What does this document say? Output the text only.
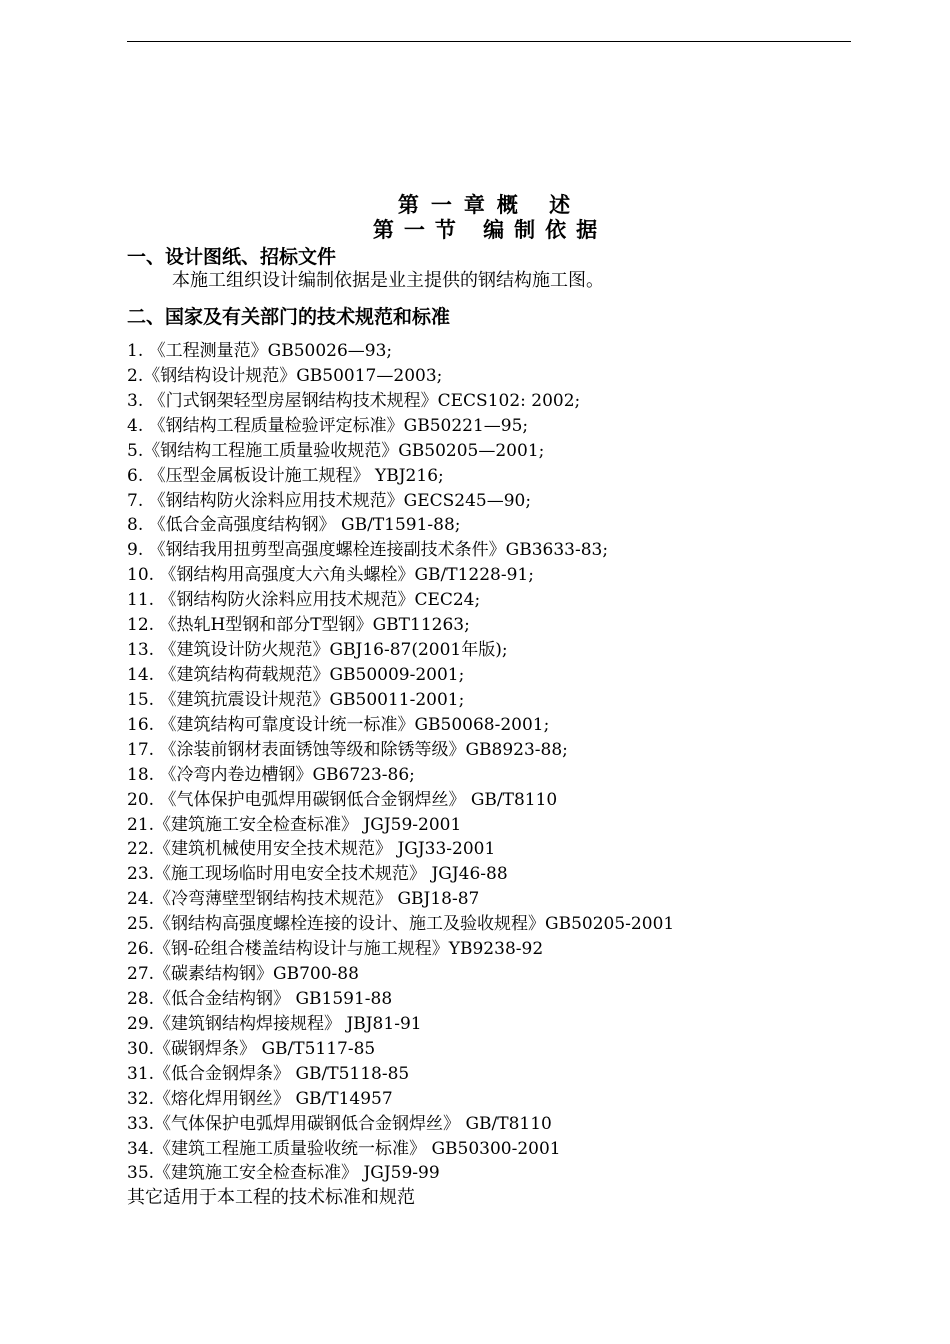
第一章概 述
第一节 编制依据
一、设计图纸、招标文件
本施工组织设计编制依据是业主提供的钢结构施工图。
二、国家及有关部门的技术规范和标准
1. 《工程测量范》GB50026—93;
2.《钢结构设计规范》GB50017—2003;
3. 《门式钢架轻型房屋钢结构技术规程》CECS102: 2002;
4. 《钢结构工程质量检验评定标准》GB50221—95;
5.《钢结构工程施工质量验收规范》GB50205—2001;
6. 《压型金属板设计施工规程》 YBJ216;
7. 《钢结构防火涂料应用技术规范》GECS245—90;
8. 《低合金高强度结构钢》 GB/T1591-88;
9. 《钢结我用扭剪型高强度螺栓连接副技术条件》GB3633-83;
10. 《钢结构用高强度大六角头螺栓》GB/T1228-91;
11. 《钢结构防火涂料应用技术规范》CEC24;
12. 《热轧H型钢和部分T型钢》GBT11263;
13. 《建筑设计防火规范》GBJ16-87(2001年版);
14. 《建筑结构荷载规范》GB50009-2001;
15. 《建筑抗震设计规范》GB50011-2001;
16. 《建筑结构可靠度设计统一标准》GB50068-2001;
17. 《涂装前钢材表面锈蚀等级和除锈等级》GB8923-88;
18. 《冷弯内卷边槽钢》GB6723-86;
20. 《气体保护电弧焊用碳钢低合金钢焊丝》 GB/T8110
21.《建筑施工安全检查标准》 JGJ59-2001
22.《建筑机械使用安全技术规范》 JGJ33-2001
23.《施工现场临时用电安全技术规范》 JGJ46-88
24.《冷弯薄壁型钢结构技术规范》 GBJ18-87
25.《钢结构高强度螺栓连接的设计、施工及验收规程》GB50205-2001
26.《钢-砼组合楼盖结构设计与施工规程》YB9238-92
27.《碳素结构钢》GB700-88
28.《低合金结构钢》 GB1591-88
29.《建筑钢结构焊接规程》 JBJ81-91
30.《碳钢焊条》 GB/T5117-85
31.《低合金钢焊条》 GB/T5118-85
32.《熔化焊用钢丝》 GB/T14957
33.《气体保护电弧焊用碳钢低合金钢焊丝》 GB/T8110
34.《建筑工程施工质量验收统一标准》 GB50300-2001
35.《建筑施工安全检查标准》 JGJ59-99
其它适用于本工程的技术标准和规范
